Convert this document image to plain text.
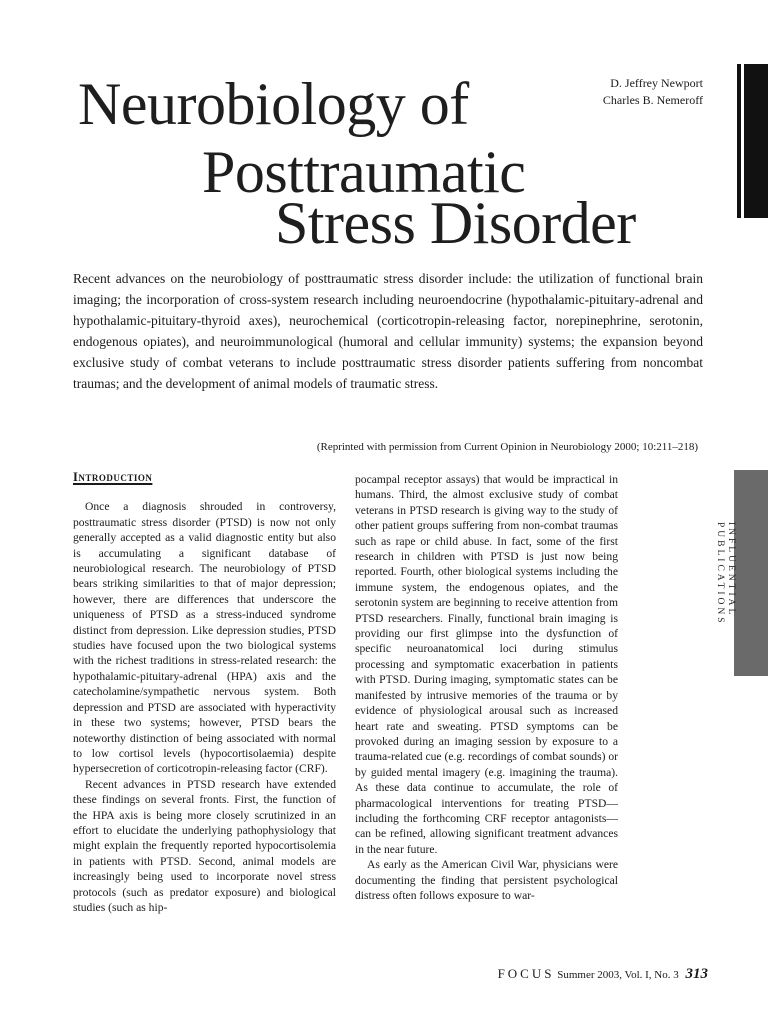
Neurobiology of
Posttraumatic
Stress Disorder
D. Jeffrey Newport
Charles B. Nemeroff

Recent advances on the neurobiology of posttraumatic stress disorder include: the utilization of functional brain imaging; the incorporation of cross-system research including neuroendocrine (hypothalamic-pituitary-adrenal and hypothalamic-pituitary-thyroid axes), neurochemical (corticotropin-releasing factor, norepinephrine, serotonin, endogenous opiates), and neuroimmunological (humoral and cellular immunity) systems; the expansion beyond exclusive study of combat veterans to include posttraumatic stress disorder patients suffering from noncombat traumas; and the development of animal models of traumatic stress.

(Reprinted with permission from Current Opinion in Neurobiology 2000; 10:211–218)
Introduction

Once a diagnosis shrouded in controversy, posttraumatic stress disorder (PTSD) is now not only generally accepted as a valid diagnostic entity but also is accumulating a significant database of neurobiological research. The neurobiology of PTSD bears striking similarities to that of major depression; however, there are differences that underscore the uniqueness of PTSD as a stress-induced syndrome distinct from depression. Like depression studies, PTSD studies have focused upon the two biological systems with the richest traditions in stress-related research: the hypothalamic-pituitary-adrenal (HPA) axis and the catecholamine/sympathetic nervous system. Both depression and PTSD are associated with hyperactivity in these two systems; however, PTSD bears the noteworthy distinction of being associated with normal to low cortisol levels (hypocortisolaemia) despite hypersecretion of corticotropin-releasing factor (CRF).

Recent advances in PTSD research have extended these findings on several fronts. First, the function of the HPA axis is being more closely scrutinized in an effort to elucidate the underlying pathophysiology that might explain the frequently reported hypocortisolemia in patients with PTSD. Second, animal models are increasingly being used to incorporate novel stress protocols (such as predator exposure) and biological studies (such as hip-

pocampal receptor assays) that would be impractical in humans. Third, the almost exclusive study of combat veterans in PTSD research is giving way to the study of other patient groups suffering from non-combat traumas such as rape or child abuse. In fact, some of the first research in children with PTSD is just now being reported. Fourth, other biological systems including the immune system, the endogenous opiates, and the serotonin system are beginning to receive attention from PTSD researchers. Finally, functional brain imaging is providing our first glimpse into the dysfunction of specific neuroanatomical loci during stimulus processing and symptomatic exacerbation in patients with PTSD. During imaging, symptomatic states can be manifested by intrusive memories of the trauma or by evidence of physiological arousal such as increased heart rate and sweating. PTSD symptoms can be provoked during an imaging session by exposure to a trauma-related cue (e.g. recordings of combat sounds) or by guided mental imagery (e.g. imagining the trauma). As these data continue to accumulate, the role of pharmacological interventions for treating PTSD—including the forthcoming CRF receptor antagonists—can be refined, allowing significant treatment advances in the near future.

As early as the American Civil War, physicians were documenting the finding that persistent psychological distress often follows exposure to war-

INFLUENTIAL PUBLICATIONS
FOCUS Summer 2003, Vol. I, No. 3 313
